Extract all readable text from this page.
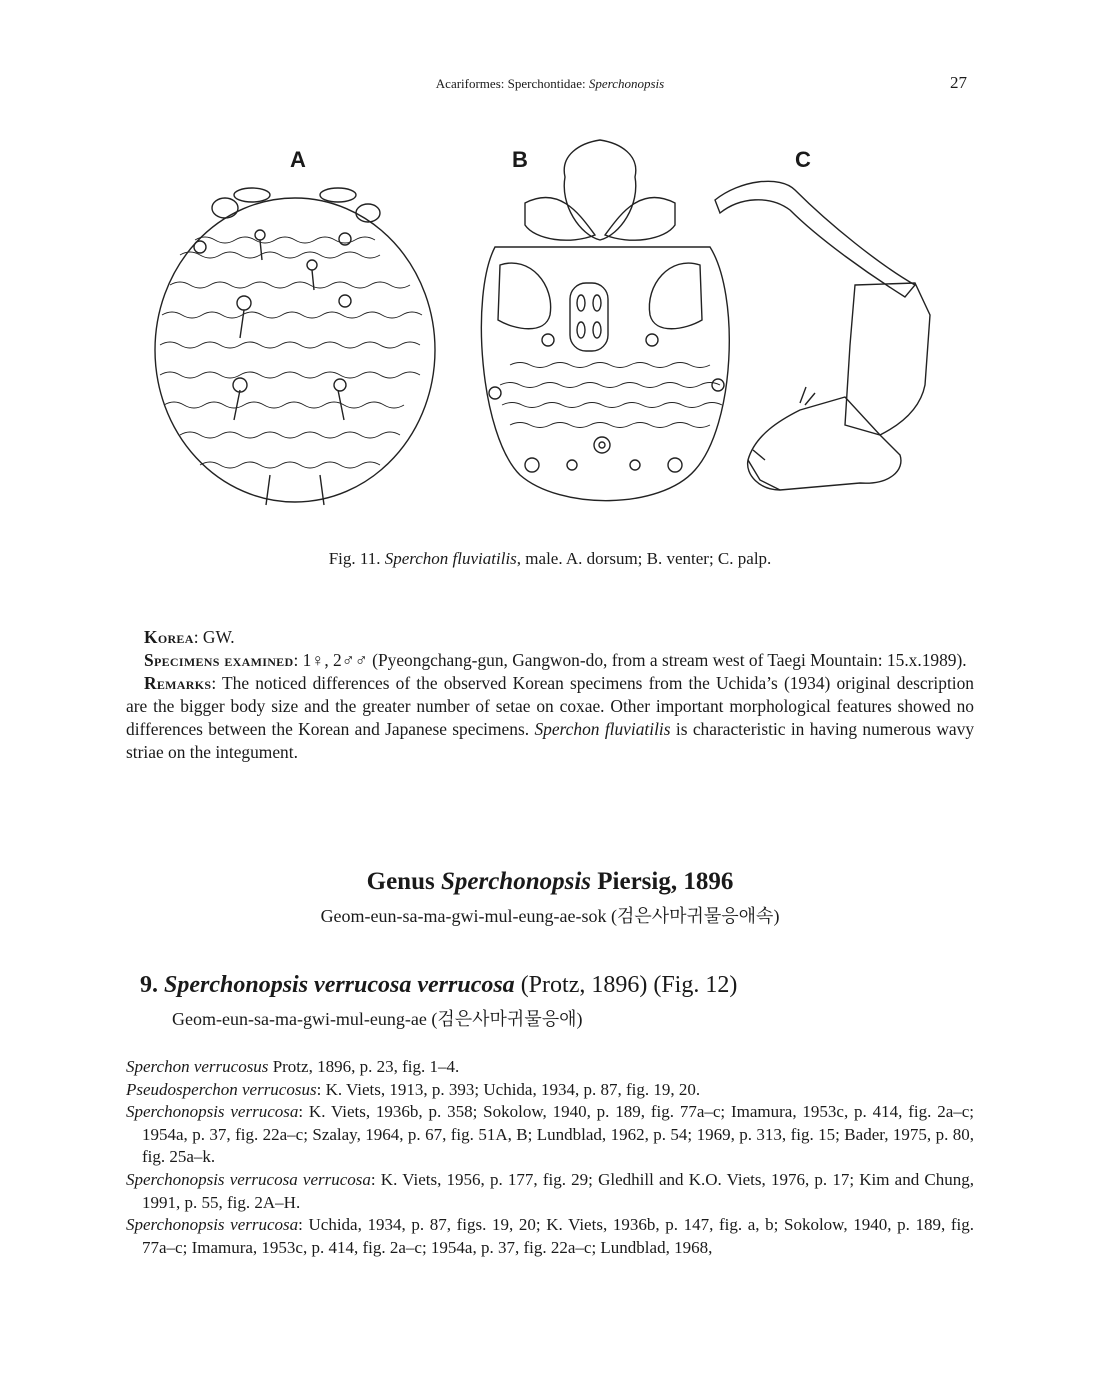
Acariformes: Sperchontidae: Sperchonopsis	27
A	B	C
Fig. 11. Sperchon fluviatilis, male. A. dorsum; B. venter; C. palp.

Korea: GW.

Specimens examined: 1♀, 2♂♂ (Pyeongchang-gun, Gangwon-do, from a stream west of Taegi Mountain: 15.x.1989).

Remarks: The noticed differences of the observed Korean specimens from the Uchida’s (1934) original description are the bigger body size and the greater number of setae on coxae. Other important morphological features showed no differences between the Korean and Japanese specimens. Sperchon fluviatilis is characteristic in having numerous wavy striae on the integument.

Genus Sperchonopsis Piersig, 1896

Geom-eun-sa-ma-gwi-mul-eung-ae-sok (검은사마귀물응애속)

9. Sperchonopsis verrucosa verrucosa (Protz, 1896) (Fig. 12)

Geom-eun-sa-ma-gwi-mul-eung-ae (검은사마귀물응애)

Sperchon verrucosus Protz, 1896, p. 23, fig. 1–4.

Pseudosperchon verrucosus: K. Viets, 1913, p. 393; Uchida, 1934, p. 87, fig. 19, 20.

Sperchonopsis verrucosa: K. Viets, 1936b, p. 358; Sokolow, 1940, p. 189, fig. 77a–c; Imamura, 1953c, p. 414, fig. 2a–c; 1954a, p. 37, fig. 22a–c; Szalay, 1964, p. 67, fig. 51A, B; Lundblad, 1962, p. 54; 1969, p. 313, fig. 15; Bader, 1975, p. 80, fig. 25a–k.

Sperchonopsis verrucosa verrucosa: K. Viets, 1956, p. 177, fig. 29; Gledhill and K.O. Viets, 1976, p. 17; Kim and Chung, 1991, p. 55, fig. 2A–H.

Sperchonopsis verrucosa: Uchida, 1934, p. 87, figs. 19, 20; K. Viets, 1936b, p. 147, fig. a, b; Sokolow, 1940, p. 189, fig. 77a–c; Imamura, 1953c, p. 414, fig. 2a–c; 1954a, p. 37, fig. 22a–c; Lundblad, 1968,
